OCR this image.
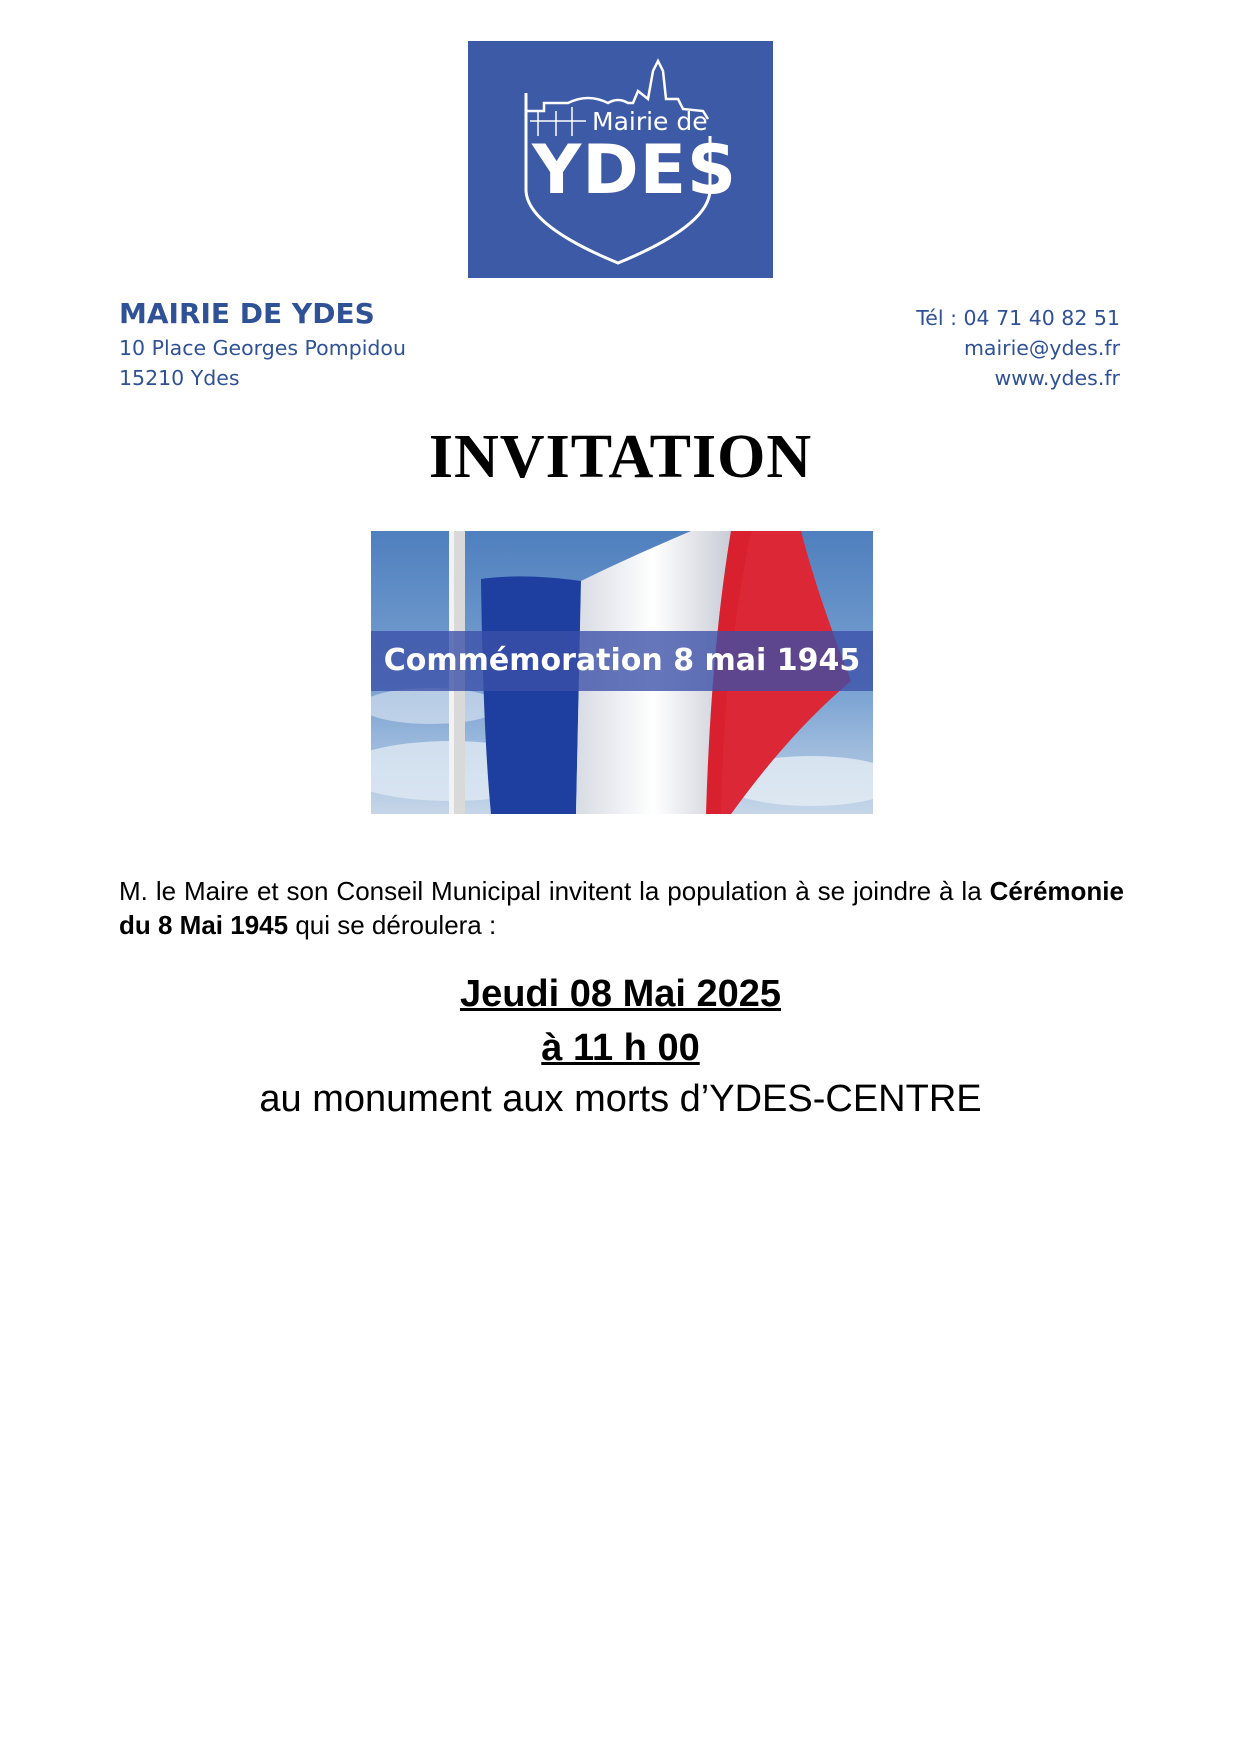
Mairie de
YDES
MAIRIE DE YDES
10 Place Georges Pompidou
15210 Ydes
Tél : 04 71 40 82 51
mairie@ydes.fr
www.ydes.fr
INVITATION
Commémoration 8 mai 1945
M. le Maire et son Conseil Municipal invitent la population à se joindre à la Cérémonie du 8 Mai 1945 qui se déroulera :
Jeudi 08 Mai 2025
à 11 h 00
au monument aux morts d’YDES-CENTRE
